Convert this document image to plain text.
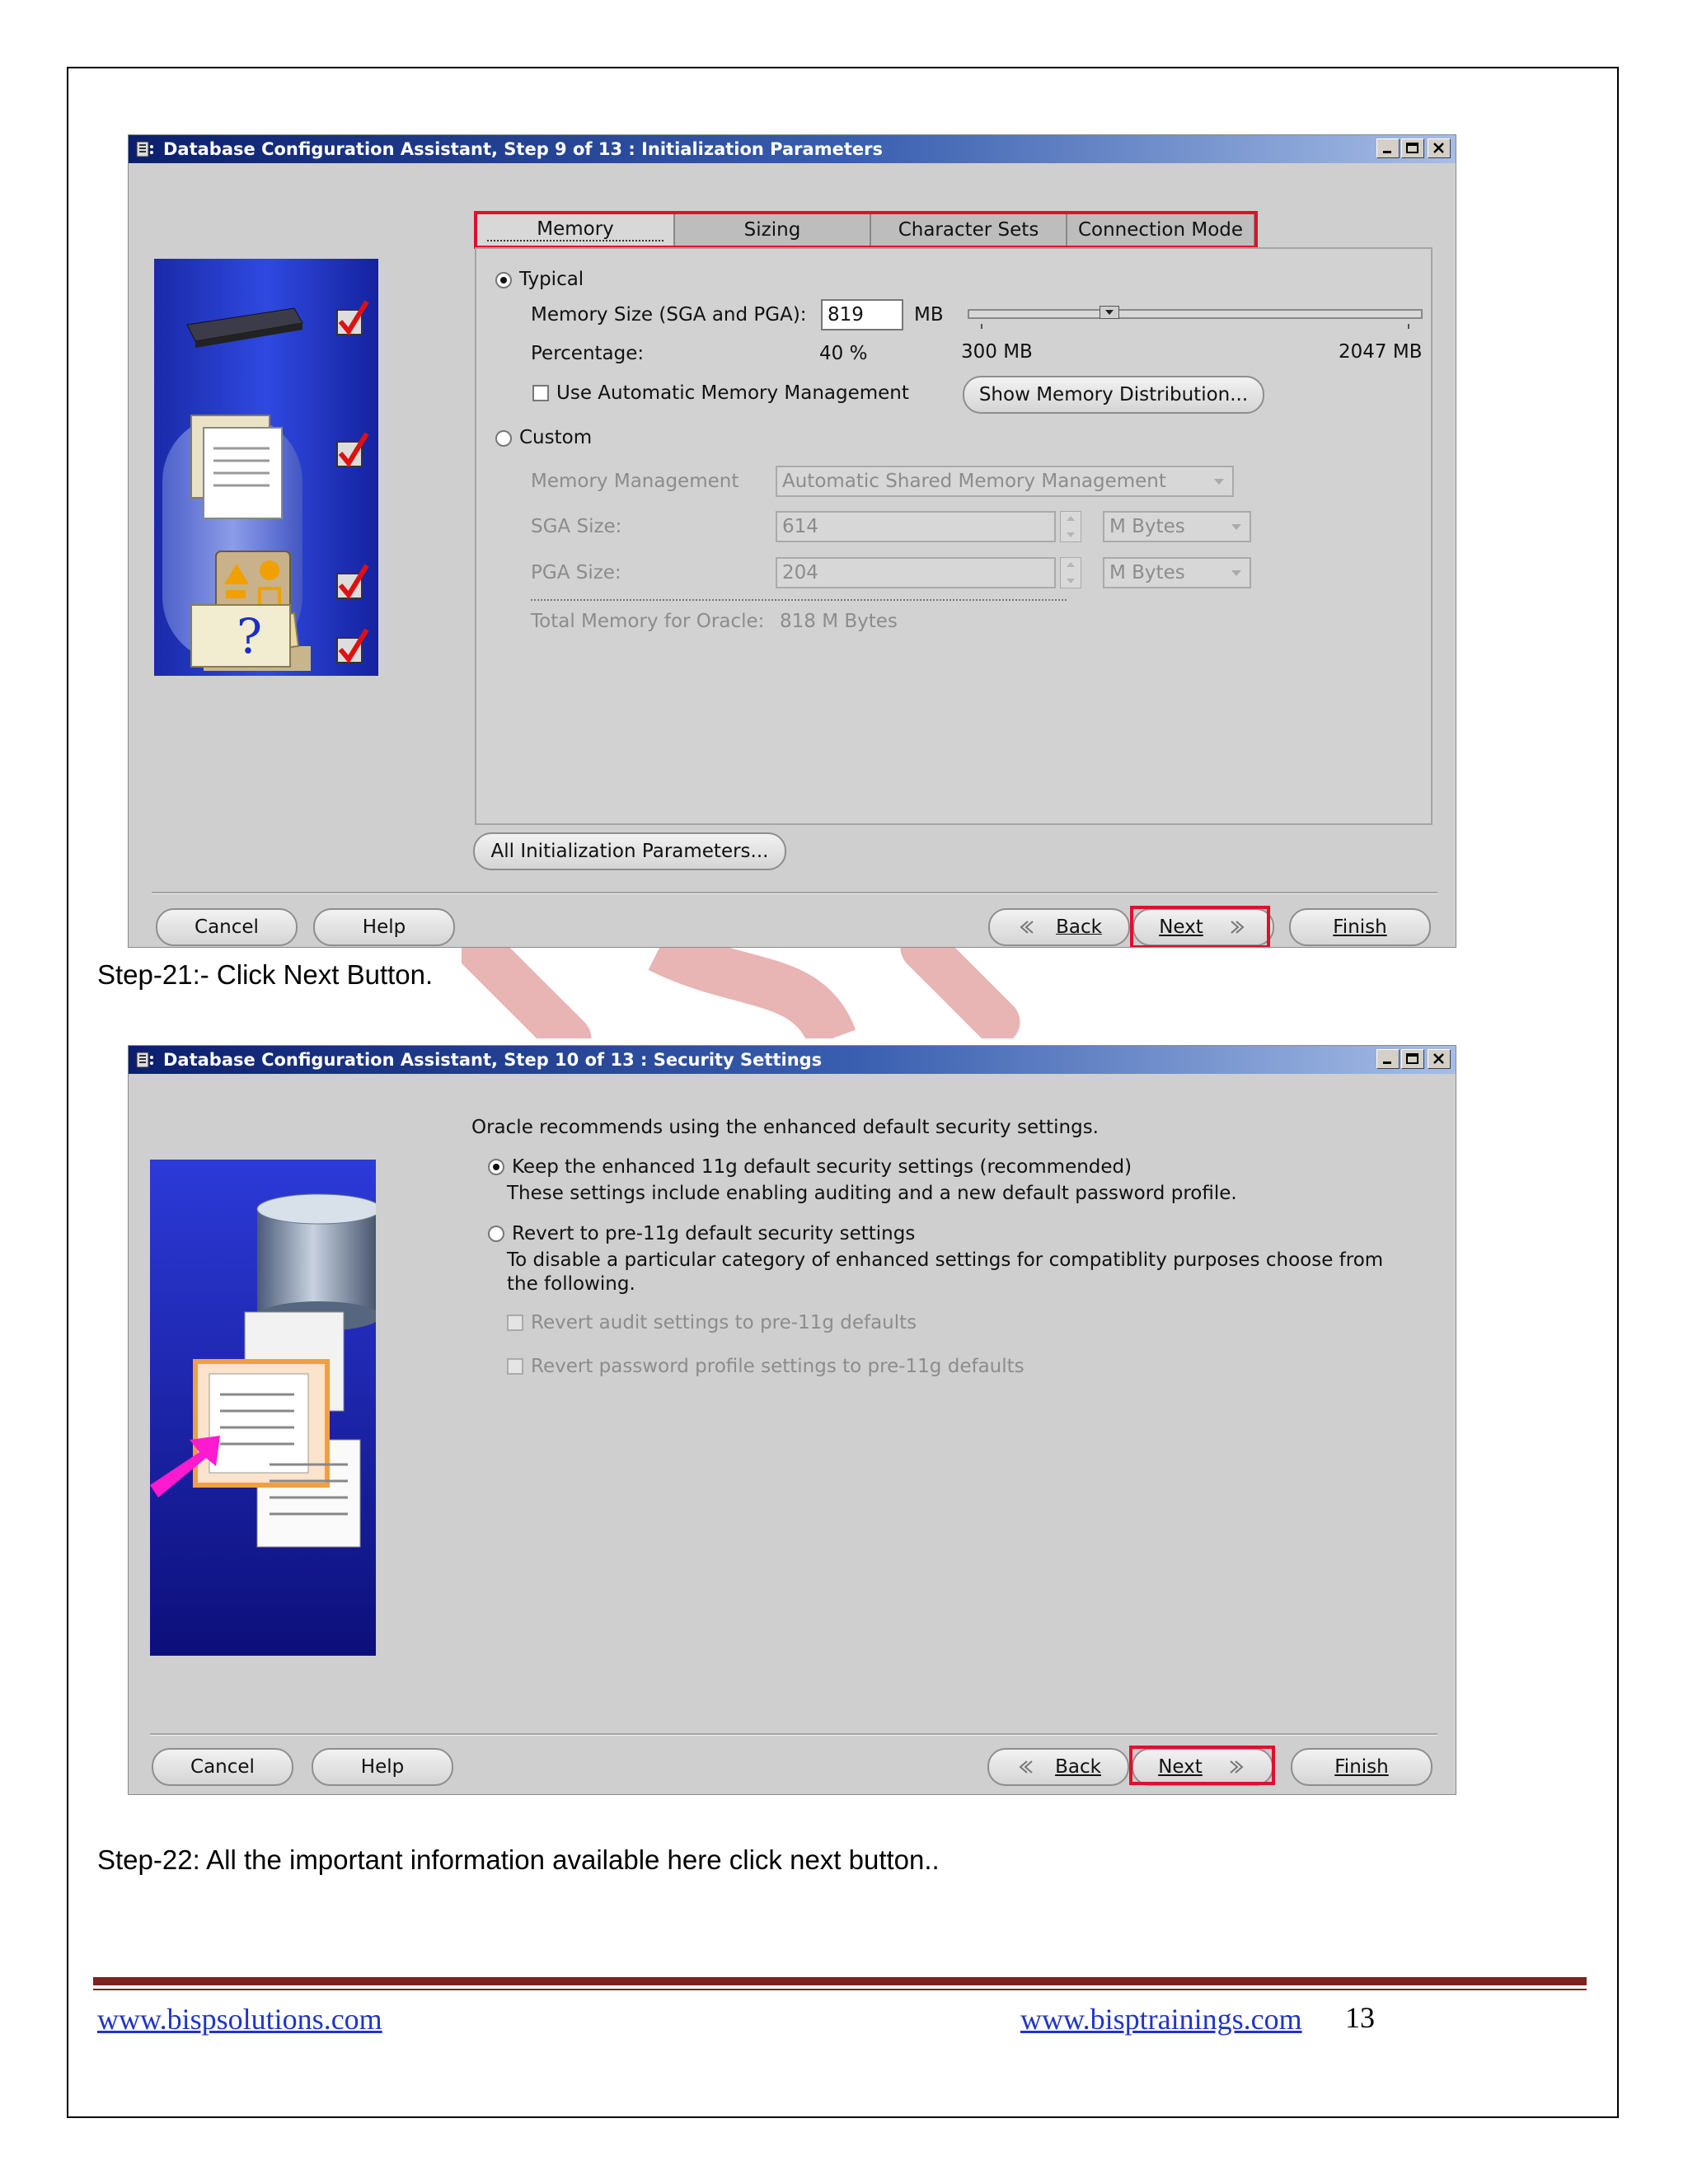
Database Configuration Assistant, Step 9 of 13 : Initialization Parameters
?
Memory	Sizing	Character Sets Connection Mode
Typical
Memory Size (SGA and PGA):	819	MB
Percentage:	40 %	300 MB	2047 MB
Use Automatic Memory Management	Show Memory Distribution...
Custom
Memory Management	Automatic Shared Memory Management
SGA Size:	614	M Bytes
PGA Size:	204	M Bytes
Total Memory for Oracle: 818 M Bytes
All Initialization Parameters...
Cancel	Help	Back	Next	Finish
Step-21:- Click Next Button.
Database Configuration Assistant, Step 10 of 13 : Security Settings
Oracle recommends using the enhanced default security settings.
Keep the enhanced 11g default security settings (recommended)
These settings include enabling auditing and a new default password profile.
Revert to pre-11g default security settings
To disable a particular category of enhanced settings for compatiblity purposes choose from
the following.
Revert audit settings to pre-11g defaults
Revert password profile settings to pre-11g defaults
Cancel	Help	Back	Next	Finish
Step-22: All the important information available here click next button..
www.bispsolutions.com	www.bisptrainings.com 13
